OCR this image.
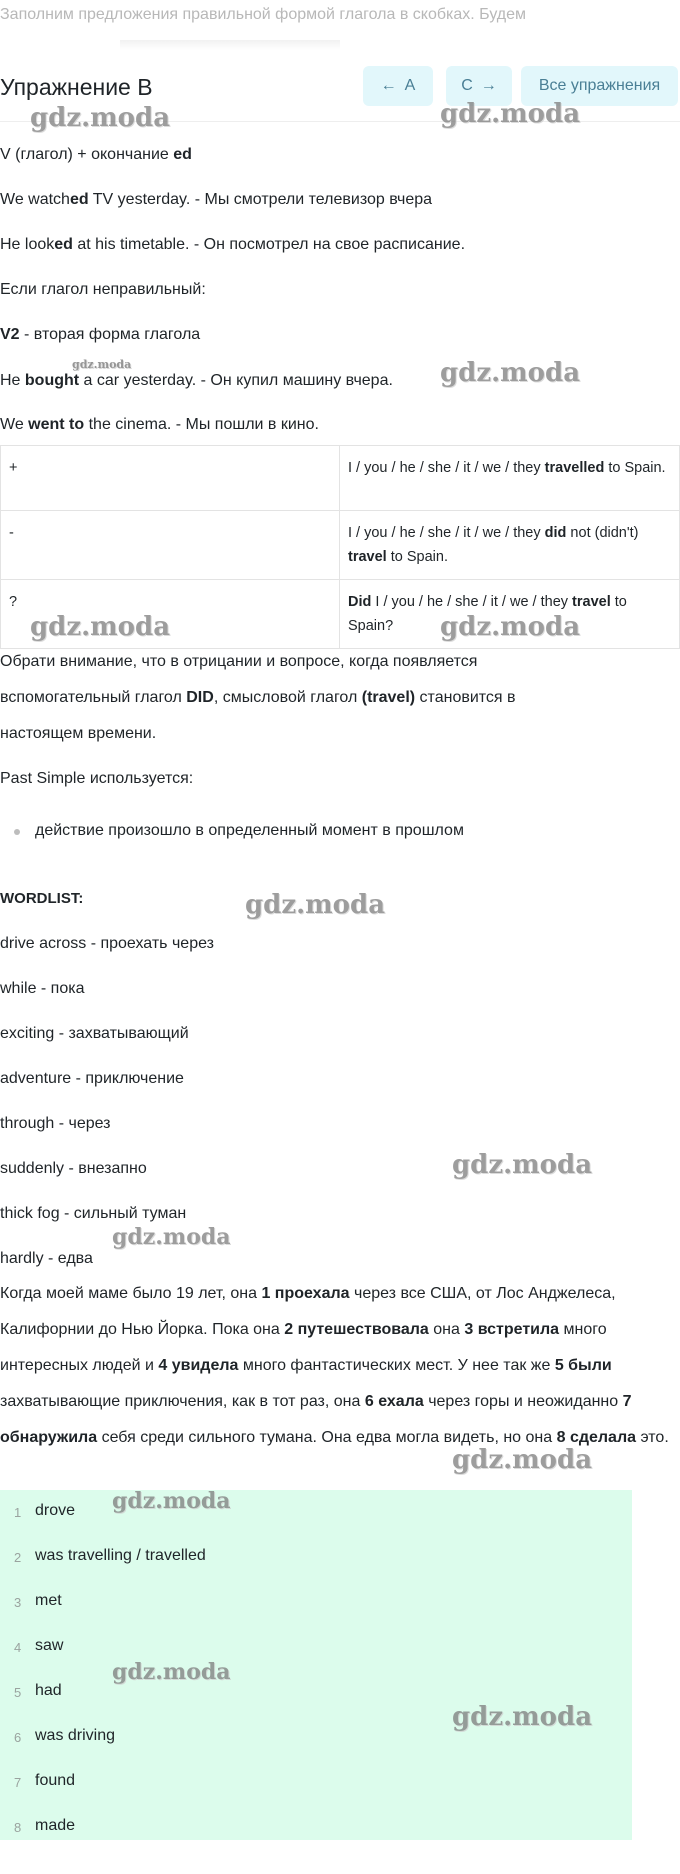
Заполним предложения правильной формой глагола в скобках. Будем
Упражнение B	← A	C →	Все упражнения
V (глагол) + окончание ed
We watched TV yesterday. - Мы смотрели телевизор вчера
He looked at his timetable. - Он посмотрел на свое расписание.
Если глагол неправильный:
V2 - вторая форма глагола
He bought a car yesterday. - Он купил машину вчера.
We went to the cinema. - Мы пошли в кино.
+	I / you / he / she / it / we / they travelled to Spain.
-	I / you / he / she / it / we / they did not (didn't) travel to Spain.
?	Did I / you / he / she / it / we / they travel to Spain?
Обрати внимание, что в отрицании и вопросе, когда появляется вспомогательный глагол DID, смысловой глагол (travel) становится в настоящем времени.
Past Simple используется:
действие произошло в определенный момент в прошлом
WORDLIST:
drive across - проехать через
while - пока
exciting - захватывающий
adventure - приключение
through - через
suddenly - внезапно
thick fog - сильный туман
hardly - едва
Когда моей маме было 19 лет, она 1 проехала через все США, от Лос Анджелеса, Калифорнии до Нью Йорка. Пока она 2 путешествовала она 3 встретила много интересных людей и 4 увидела много фантастических мест. У нее так же 5 были захватывающие приключения, как в тот раз, она 6 ехала через горы и неожиданно 7 обнаружила себя среди сильного тумана. Она едва могла видеть, но она 8 сделала это.
1 drove
2 was travelling / travelled
3 met
4 saw
5 had
6 was driving
7 found
8 made
gdz.moda	gdz.moda
gdz.moda	gdz.moda
gdz.moda	gdz.moda
gdz.moda
gdz.moda
gdz.moda
gdz.moda
gdz.moda
gdz.moda
gdz.moda
